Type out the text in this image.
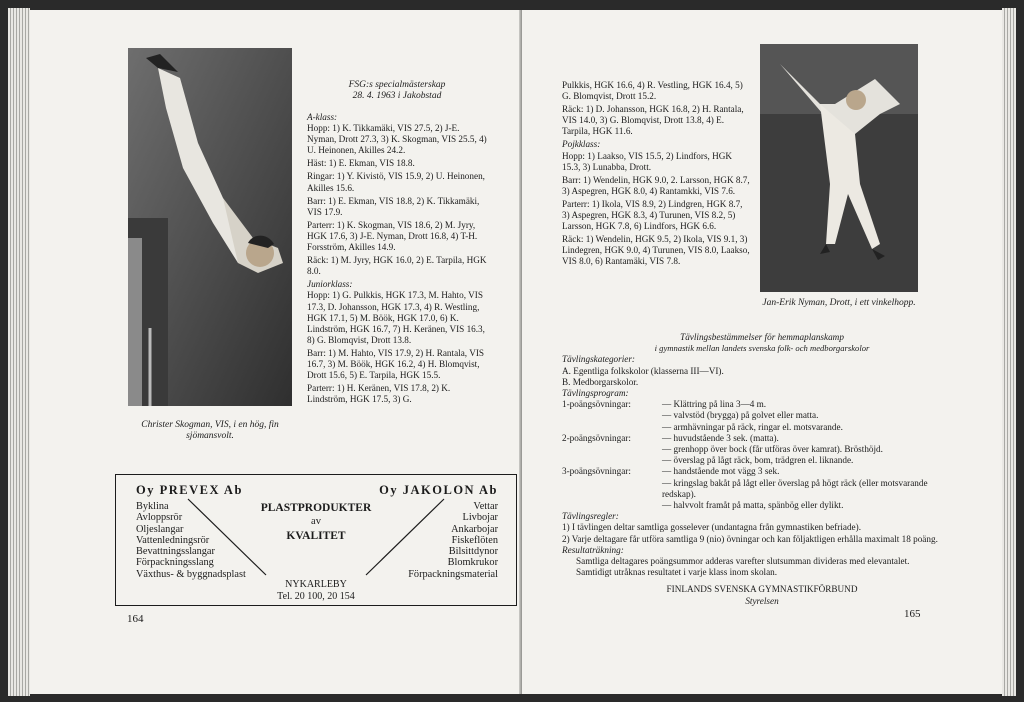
Christer Skogman, VIS, i en hög, fin sjömansvolt.
FSG:s specialmästerskap
28. 4. 1963 i Jakobstad
A-klass:

Hopp: 1) K. Tikkamäki, VIS 27.5, 2) J-E. Nyman, Drott 27.3, 3) K. Skogman, VIS 25.5, 4) U. Heinonen, Akilles 24.2.

Häst: 1) E. Ekman, VIS 18.8.

Ringar: 1) Y. Kivistö, VIS 15.9, 2) U. Heinonen, Akilles 15.6.

Barr: 1) E. Ekman, VIS 18.8, 2) K. Tikkamäki, VIS 17.9.

Parterr: 1) K. Skogman, VIS 18.6, 2) M. Jyry, HGK 17.6, 3) J-E. Nyman, Drott 16.8, 4) T-H. Forsström, Akilles 14.9.

Räck: 1) M. Jyry, HGK 16.0, 2) E. Tarpila, HGK 8.0.

Juniorklass:

Hopp: 1) G. Pulkkis, HGK 17.3, M. Hahto, VIS 17.3, D. Johansson, HGK 17.3, 4) R. Westling, HGK 17.1, 5) M. Böök, HGK 17.0, 6) K. Lindström, HGK 16.7, 7) H. Keränen, VIS 16.3, 8) G. Blomqvist, Drott 13.8.

Barr: 1) M. Hahto, VIS 17.9, 2) H. Rantala, VIS 16.7, 3) M. Böök, HGK 16.2, 4) H. Blomqvist, Drott 15.6, 5) E. Tarpila, HGK 15.5.

Parterr: 1) H. Keränen, VIS 17.8, 2) K. Lindström, HGK 17.5, 3) G.

Oy PREVEX Ab	Oy JAKOLON Ab
Byklina
Avloppsrör
Oljeslangar
Vattenledningsrör
Bevattningsslangar
Förpackningsslang
Växthus- & byggnadsplast
Vettar
Livbojar
Ankarbojar
Fiskeflöten
Bilsittdynor
Blomkrukor
Förpackningsmaterial
PLASTPRODUKTER
av
KVALITET
NYKARLEBY
Tel. 20 100, 20 154
164

Pulkkis, HGK 16.6, 4) R. Vestling, HGK 16.4, 5) G. Blomqvist, Drott 15.2.

Räck: 1) D. Johansson, HGK 16.8, 2) H. Rantala, VIS 14.0, 3) G. Blomqvist, Drott 13.8, 4) E. Tarpila, HGK 11.6.

Pojkklass:

Hopp: 1) Laakso, VIS 15.5, 2) Lindfors, HGK 15.3, 3) Lunabba, Drott.

Barr: 1) Wendelin, HGK 9.0, 2. Larsson, HGK 8.7, 3) Aspegren, HGK 8.0, 4) Rantamkki, VIS 7.6.

Parterr: 1) Ikola, VIS 8.9, 2) Lindgren, HGK 8.7, 3) Aspegren, HGK 8.3, 4) Turunen, VIS 8.2, 5) Larsson, HGK 7.8, 6) Lindfors, HGK 6.6.

Räck: 1) Wendelin, HGK 9.5, 2) Ikola, VIS 9.1, 3) Lindegren, HGK 9.0, 4) Turunen, VIS 8.0, Laakso, VIS 8.0, 6) Rantamäki, VIS 7.8.

Jan-Erik Nyman, Drott, i ett vinkelhopp.
Tävlingsbestämmelser för hemmaplanskamp
i gymnastik mellan landets svenska folk- och medborgarskolor
Tävlingskategorier:
A. Egentliga folkskolor (klasserna III—VI).
B. Medborgarskolor.
Tävlingsprogram:
1-poängsövningar:	— Klättring på lina 3—4 m.
— valvstöd (brygga) på golvet eller matta.
— armhävningar på räck, ringar el. motsvarande.
2-poängsövningar:	— huvudstående 3 sek. (matta).
— grenhopp över bock (får utföras över kamrat). Brösthöjd.
— överslag på lågt räck, bom, trädgren el. liknande.
3-poängsövningar:	— handstående mot vägg 3 sek.
— kringslag bakåt på lågt eller överslag på högt räck (eller motsvarande redskap).
— halvvolt framåt på matta, spänbög eller dylikt.
Tävlingsregler:
1) I tävlingen deltar samtliga gosselever (undantagna från gymnastiken befriade).
2) Varje deltagare får utföra samtliga 9 (nio) övningar och kan följaktligen erhålla maximalt 18 poäng.
Resultaträkning:
Samtliga deltagares poängsummor adderas varefter slutsumman divideras med elevantalet.
Samtidigt utråknas resultatet i varje klass inom skolan.
FINLANDS SVENSKA GYMNASTIKFÖRBUND
Styrelsen
165
